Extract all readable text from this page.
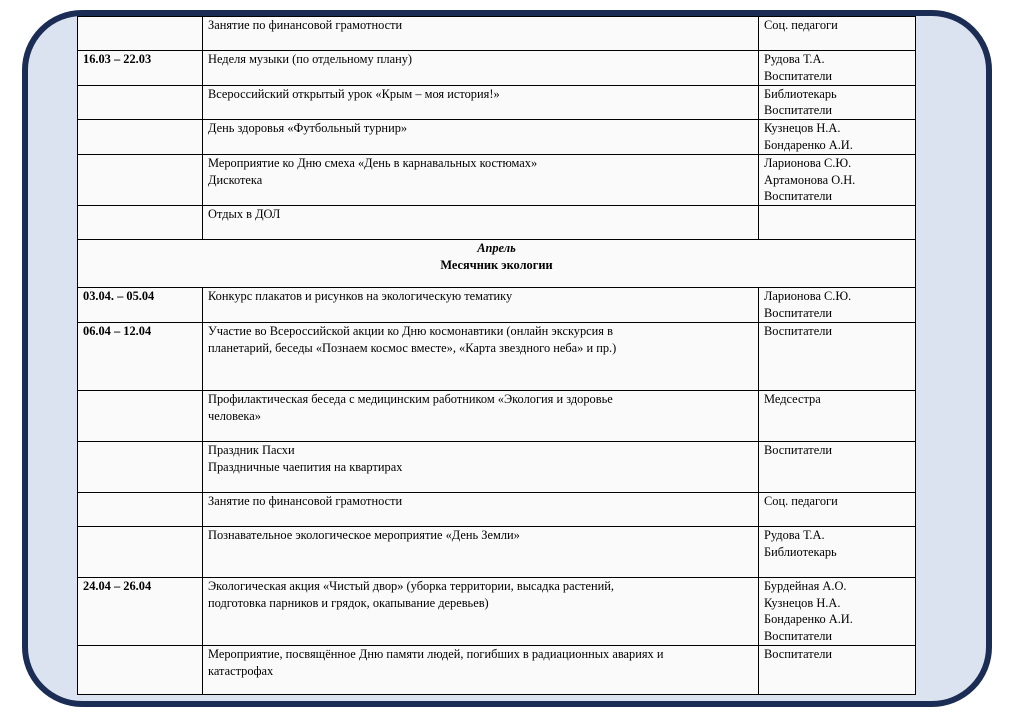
	Занятие по финансовой грамотности	Соц. педагоги

16.03 – 22.03	Неделя музыки (по отдельному плану)	Рудова Т.А.
Воспитатели

	Всероссийский открытый урок «Крым – моя история!»	Библиотекарь
Воспитатели

	День здоровья «Футбольный турнир»	Кузнецов Н.А.
Бондаренко А.И.

	Мероприятие ко Дню смеха «День в карнавальных костюмах»
Дискотека	Ларионова С.Ю.
Артамонова О.Н.
Воспитатели

	Отдых в ДОЛ	

Апрель
Месячник экологии		

03.04. – 05.04	Конкурс плакатов и рисунков на экологическую тематику	Ларионова С.Ю.
Воспитатели

06.04 – 12.04	Участие во Всероссийской акции ко Дню космонавтики (онлайн экскурсия в
планетарий, беседы «Познаем космос вместе», «Карта звездного неба» и пр.)	Воспитатели

	Профилактическая беседа с медицинским работником «Экология и здоровье
человека»	Медсестра

	Праздник Пасхи
Праздничные чаепития на квартирах	Воспитатели

	Занятие по финансовой грамотности	Соц. педагоги

	Познавательное экологическое мероприятие «День Земли»	Рудова Т.А.
Библиотекарь

24.04 – 26.04	Экологическая акция «Чистый двор» (уборка территории, высадка растений,
подготовка парников и грядок, окапывание деревьев)	Бурдейная А.О.
Кузнецов Н.А.
Бондаренко А.И.
Воспитатели

	Мероприятие, посвящённое Дню памяти людей, погибших в радиационных авариях и
катастрофах	Воспитатели
